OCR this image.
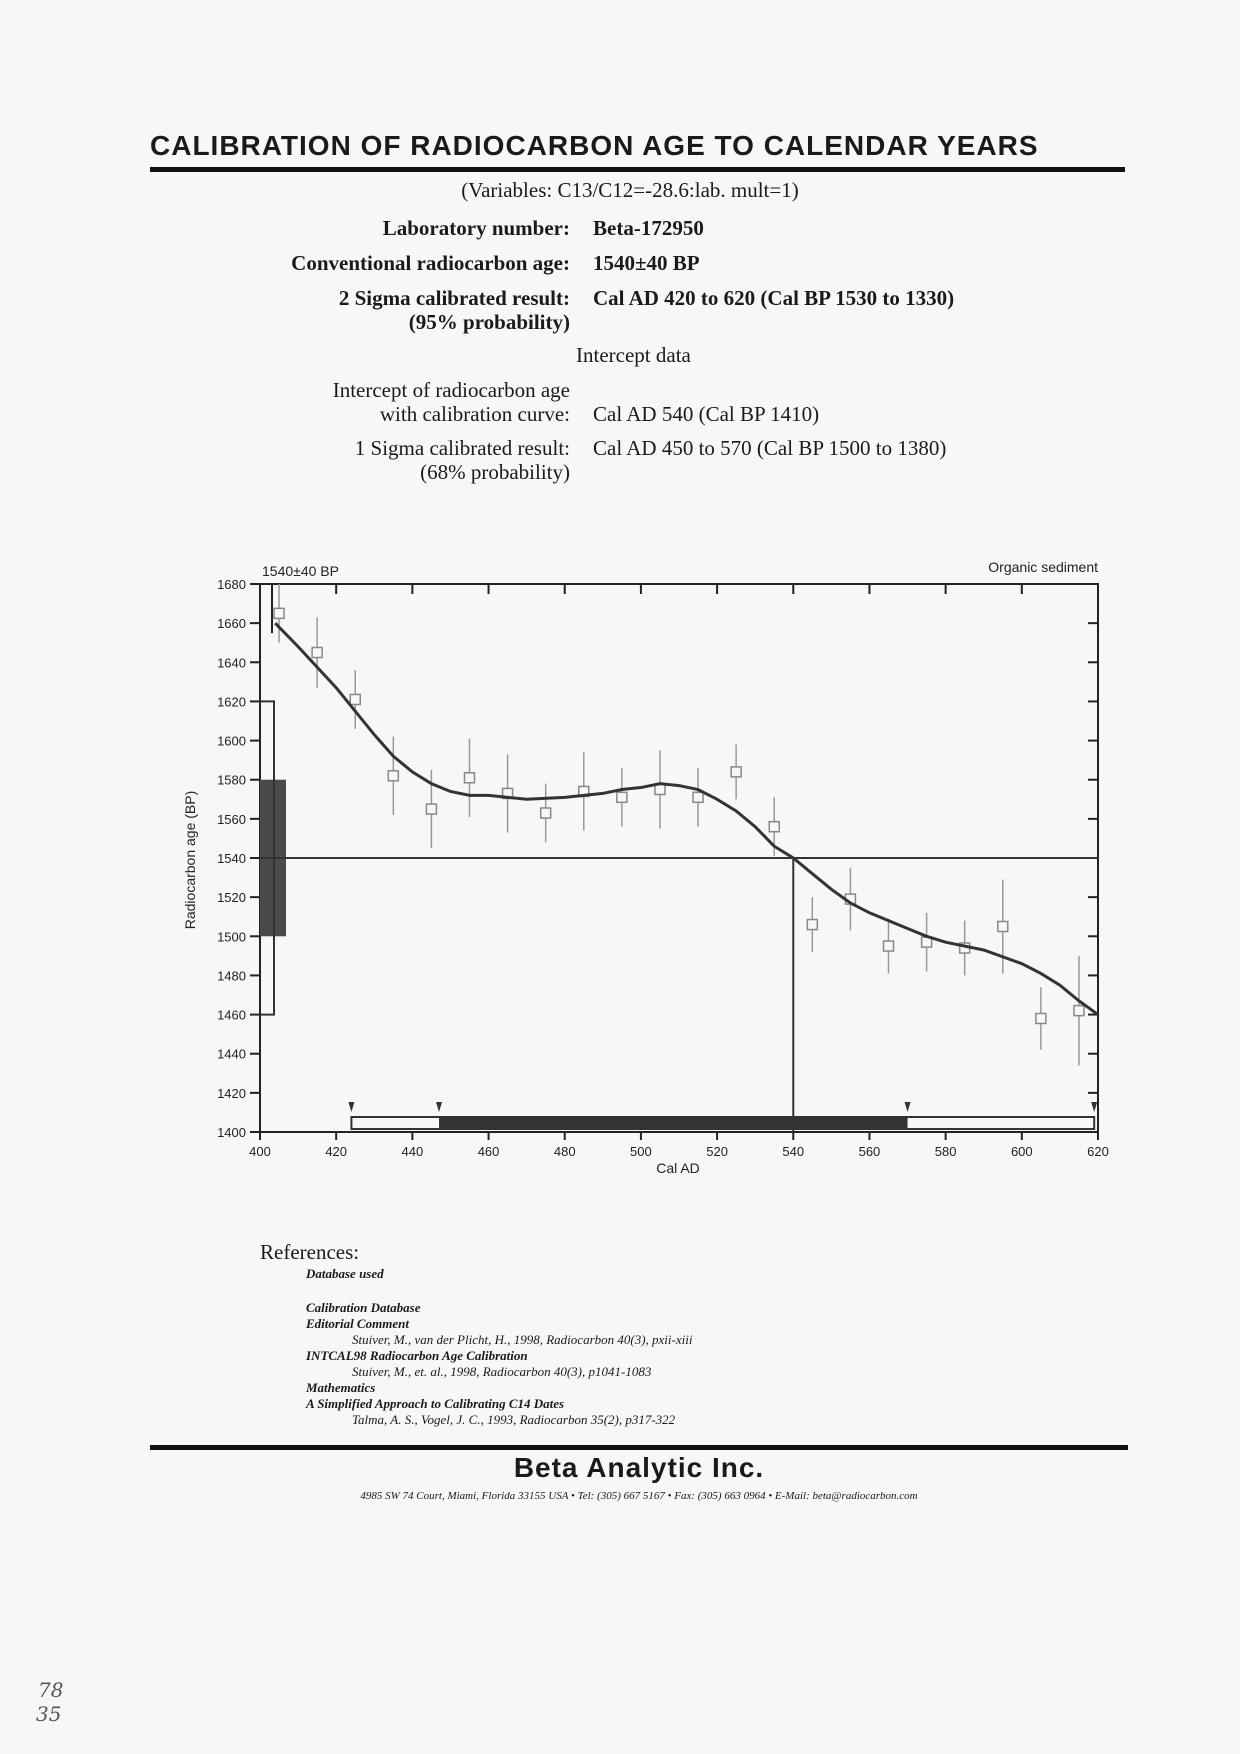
CALIBRATION OF RADIOCARBON AGE TO CALENDAR YEARS
(Variables: C13/C12=-28.6:lab. mult=1)
Laboratory number: Beta-172950
Conventional radiocarbon age: 1540±40 BP
2 Sigma calibrated result:
(95% probability)
Cal AD 420 to 620 (Cal BP 1530 to 1330)
Intercept data
Intercept of radiocarbon age
with calibration curve: Cal AD 540 (Cal BP 1410)
1 Sigma calibrated result:
(68% probability)
Cal AD 450 to 570 (Cal BP 1500 to 1380)
1540±40 BP	Organic sediment
Cal AD
Radiocarbon age (BP)
400	420	440	460	480	500	520	540	560	580	600	620
1400
1420
1440
1460
1480
1500
1520
1540
1560
1580
1600
1620
1640
1660
1680
References:
Database used
Calibration Database
Editorial Comment
Stuiver, M., van der Plicht, H., 1998, Radiocarbon 40(3), pxii-xiii
INTCAL98 Radiocarbon Age Calibration
Stuiver, M., et. al., 1998, Radiocarbon 40(3), p1041-1083
Mathematics
A Simplified Approach to Calibrating C14 Dates
Talma, A. S., Vogel, J. C., 1993, Radiocarbon 35(2), p317-322
Beta Analytic Inc.
4985 SW 74 Court, Miami, Florida 33155 USA • Tel: (305) 667 5167 • Fax: (305) 663 0964 • E-Mail: beta@radiocarbon.com
78
35
